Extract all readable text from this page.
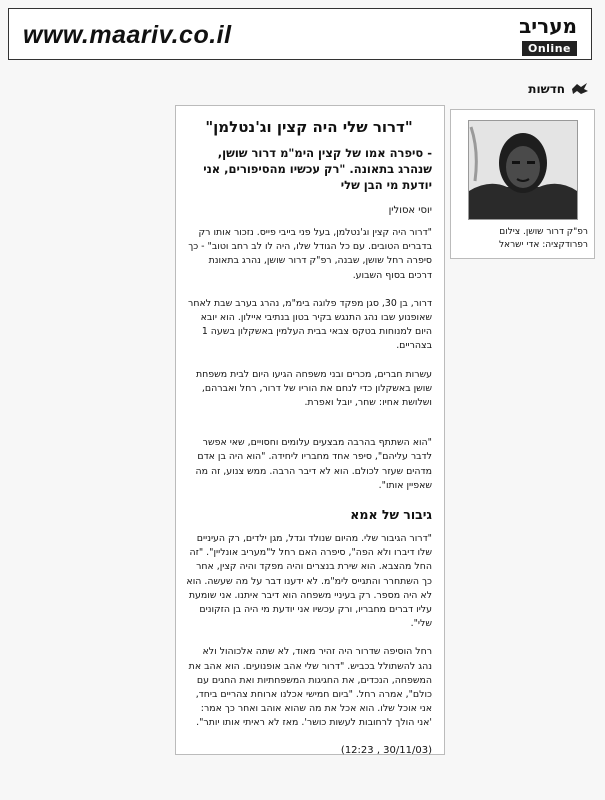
www.maariv.co.il	מעריב
Online
חדשות
"דרור שלי היה קצין וג'נטלמן"

- סיפרה אמו של קצין הימ"מ דרור שושן, שנהרג בתאונה. "רק עכשיו מהסיפורים, אני יודעת מי הבן שלי

יוסי אסולין

"דרור היה קצין וג'נטלמן, בעל פני בייבי פייס. נזכור אותו רק בדברים הטובים. עם כל הגודל שלו, היה לו לב רחב וטוב" - כך סיפרה רחל שושן, שבנה, רפ"ק דרור שושן, נהרג בתאונת דרכים בסוף השבוע.

דרור, בן 30, סגן מפקד פלוגה בימ"מ, נהרג בערב שבת לאחר שאופנוע שבו נהג התנגש בקיר בטון בנתיבי איילון. הוא יובא היום למנוחות בטקס צבאי בבית העלמין באשקלון בשעה 1 בצהריים.

עשרות חברים, מכרים ובני משפחה הגיעו היום לבית משפחת שושן באשקלון כדי לנחם את הוריו של דרור, רחל ואברהם, ושלושת אחיו: שחר, יובל ואפרת.

"הוא השתתף בהרבה מבצעים עלומים וחסויים, שאי אפשר לדבר עליהם", סיפר אחד מחבריו ליחידה. "הוא היה בן אדם מדהים שעזר לכולם. הוא לא דיבר הרבה. ממש צנוע, זה מה שאפיין אותו".

גיבור של אמא

"דרור הגיבור שלי. מהיום שנולד וגדל, מגן ילדים, רק העיניים שלו דיברו ולא הפה", סיפרה האם רחל ל"מעריב אונליין". "זה החל מהצבא. הוא שירת בנצרים והיה מפקד והיה קצין, אחר כך השתחרר והתגייס לימ"מ. לא ידענו דבר על מה שעשה. הוא לא היה מספר. רק בעיניי משפחה הוא דיבר איתנו. אני שומעת עליו דברים מחבריו, ורק עכשיו אני יודעת מי היה בן הזקונים שלי".

רחל הוסיפה שדרור היה זהיר מאוד, לא שתה אלכוהול ולא נהג להשתולל בכביש. "דרור שלי אהב אופנועים. הוא אהב את המשפחה, הנכדים, את החגיגות המשפחתיות ואת החגים עם כולם", אמרה רחל. "ביום חמישי אכלנו ארוחת צהריים ביחד, אני אוכל שלו. הוא אכל את מה שהוא אוהב ואחר כך אמר: 'אני הולך לרחובות לעשות כושר'. מאז לא ראיתי אותו יותר".

(12:23 , 30/11/03)
רפ"ק דרור שושן. צילום רפרודקציה: אדי ישראל
